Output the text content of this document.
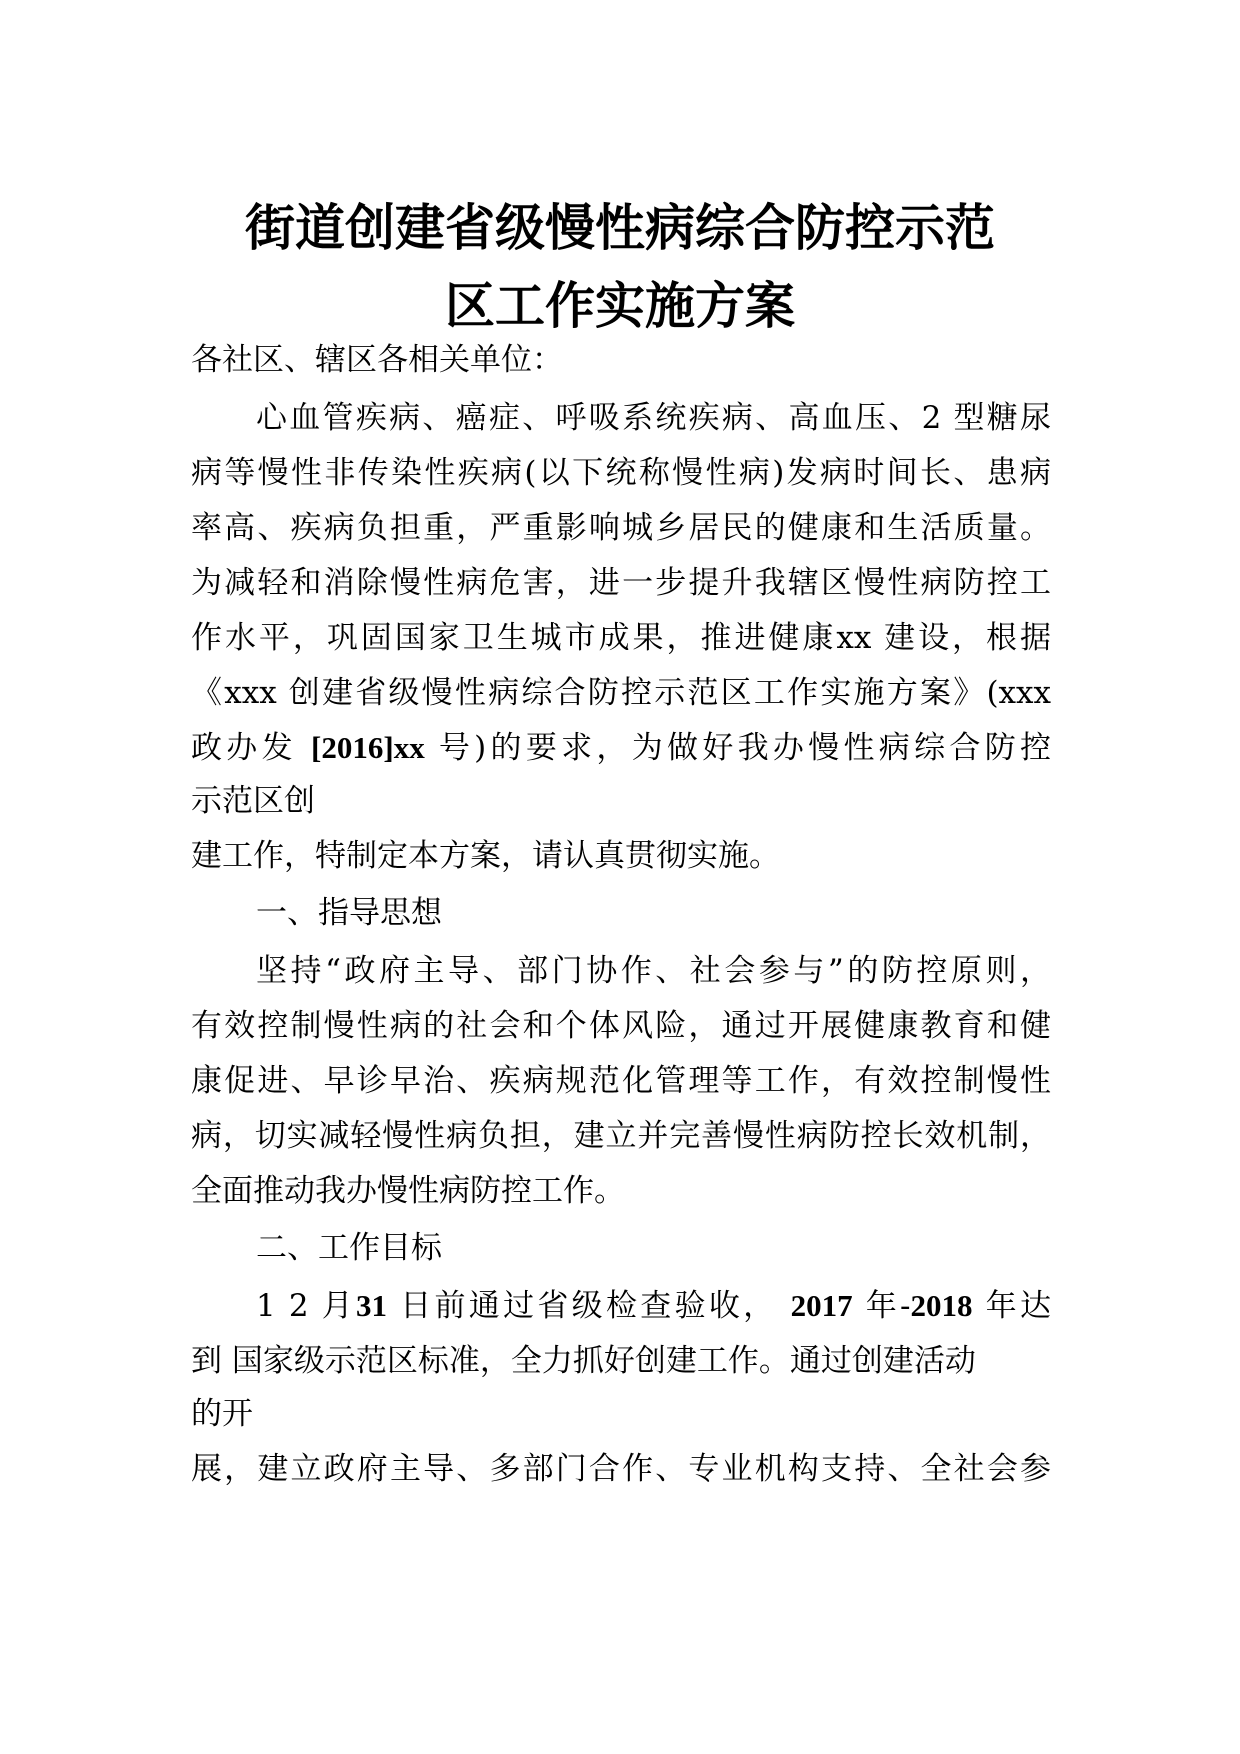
街道创建省级慢性病综合防控示范
区工作实施方案
各社区、辖区各相关单位：
心血管疾病、癌症、呼吸系统疾病、高血压、2 型糖尿
病等慢性非传染性疾病(以下统称慢性病)发病时间长、患病
率高、疾病负担重，严重影响城乡居民的健康和生活质量。
为减轻和消除慢性病危害，进一步提升我辖区慢性病防控工
作水平，巩固国家卫生城市成果，推进健康xx 建设，根据
《xxx 创建省级慢性病综合防控示范区工作实施方案》(xxx
政办发 [2016]xx 号)的要求，为做好我办慢性病综合防控
示范区创
建工作，特制定本方案，请认真贯彻实施。
一、指导思想
坚持“政府主导、部门协作、社会参与”的防控原则，
有效控制慢性病的社会和个体风险，通过开展健康教育和健
康促进、早诊早治、疾病规范化管理等工作，有效控制慢性
病，切实减轻慢性病负担，建立并完善慢性病防控长效机制，
全面推动我办慢性病防控工作。
二、工作目标
1 2 月31 日前通过省级检查验收， 2017 年-2018 年达
到 国家级示范区标准，全力抓好创建工作。通过创建活动
的开
展，建立政府主导、多部门合作、专业机构支持、全社会参
